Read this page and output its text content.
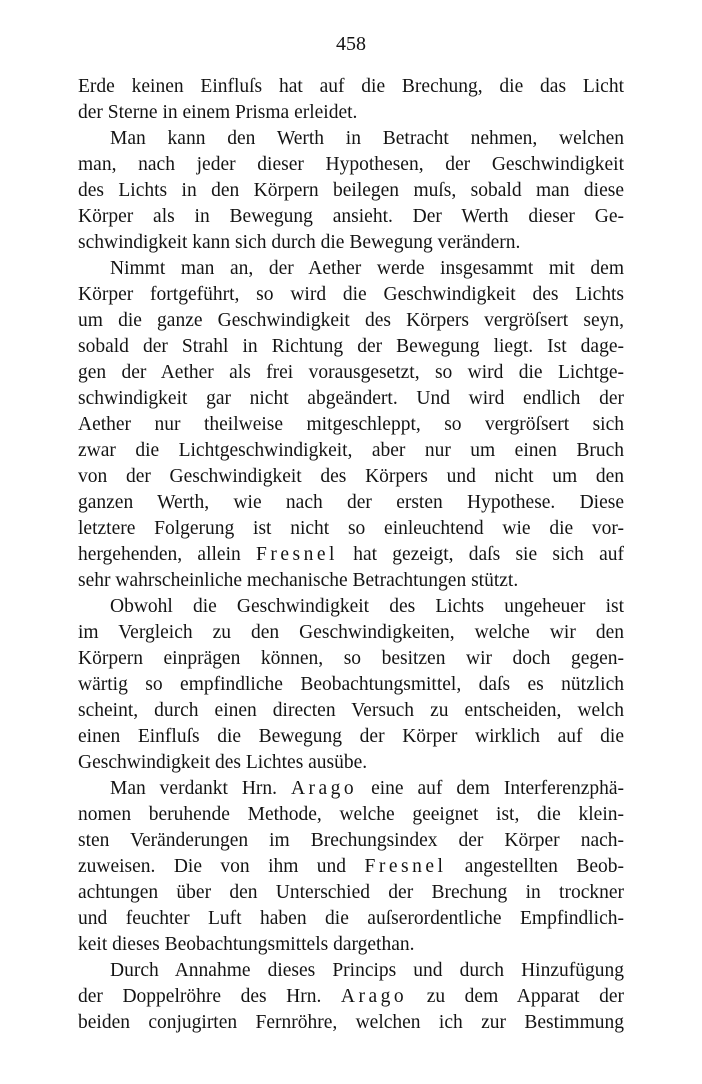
458
Erde keinen Einfluſs hat auf die Brechung, die das Licht
der Sterne in einem Prisma erleidet.
Man kann den Werth in Betracht nehmen, welchen
man, nach jeder dieser Hypothesen, der Geschwindigkeit
des Lichts in den Körpern beilegen muſs, sobald man diese
Körper als in Bewegung ansieht. Der Werth dieser Ge-
schwindigkeit kann sich durch die Bewegung verändern.
Nimmt man an, der Aether werde insgesammt mit dem
Körper fortgeführt, so wird die Geschwindigkeit des Lichts
um die ganze Geschwindigkeit des Körpers vergröſsert seyn,
sobald der Strahl in Richtung der Bewegung liegt. Ist dage-
gen der Aether als frei vorausgesetzt, so wird die Lichtge-
schwindigkeit gar nicht abgeändert. Und wird endlich der
Aether nur theilweise mitgeschleppt, so vergröſsert sich
zwar die Lichtgeschwindigkeit, aber nur um einen Bruch
von der Geschwindigkeit des Körpers und nicht um den
ganzen Werth, wie nach der ersten Hypothese. Diese
letztere Folgerung ist nicht so einleuchtend wie die vor-
hergehenden, allein Fresnel hat gezeigt, daſs sie sich auf
sehr wahrscheinliche mechanische Betrachtungen stützt.
Obwohl die Geschwindigkeit des Lichts ungeheuer ist
im Vergleich zu den Geschwindigkeiten, welche wir den
Körpern einprägen können, so besitzen wir doch gegen-
wärtig so empfindliche Beobachtungsmittel, daſs es nützlich
scheint, durch einen directen Versuch zu entscheiden, welch
einen Einfluſs die Bewegung der Körper wirklich auf die
Geschwindigkeit des Lichtes ausübe.
Man verdankt Hrn. Arago eine auf dem Interferenzphä-
nomen beruhende Methode, welche geeignet ist, die klein-
sten Veränderungen im Brechungsindex der Körper nach-
zuweisen. Die von ihm und Fresnel angestellten Beob-
achtungen über den Unterschied der Brechung in trockner
und feuchter Luft haben die auſserordentliche Empfindlich-
keit dieses Beobachtungsmittels dargethan.
Durch Annahme dieses Princips und durch Hinzufügung
der Doppelröhre des Hrn. Arago zu dem Apparat der
beiden conjugirten Fernröhre, welchen ich zur Bestimmung
